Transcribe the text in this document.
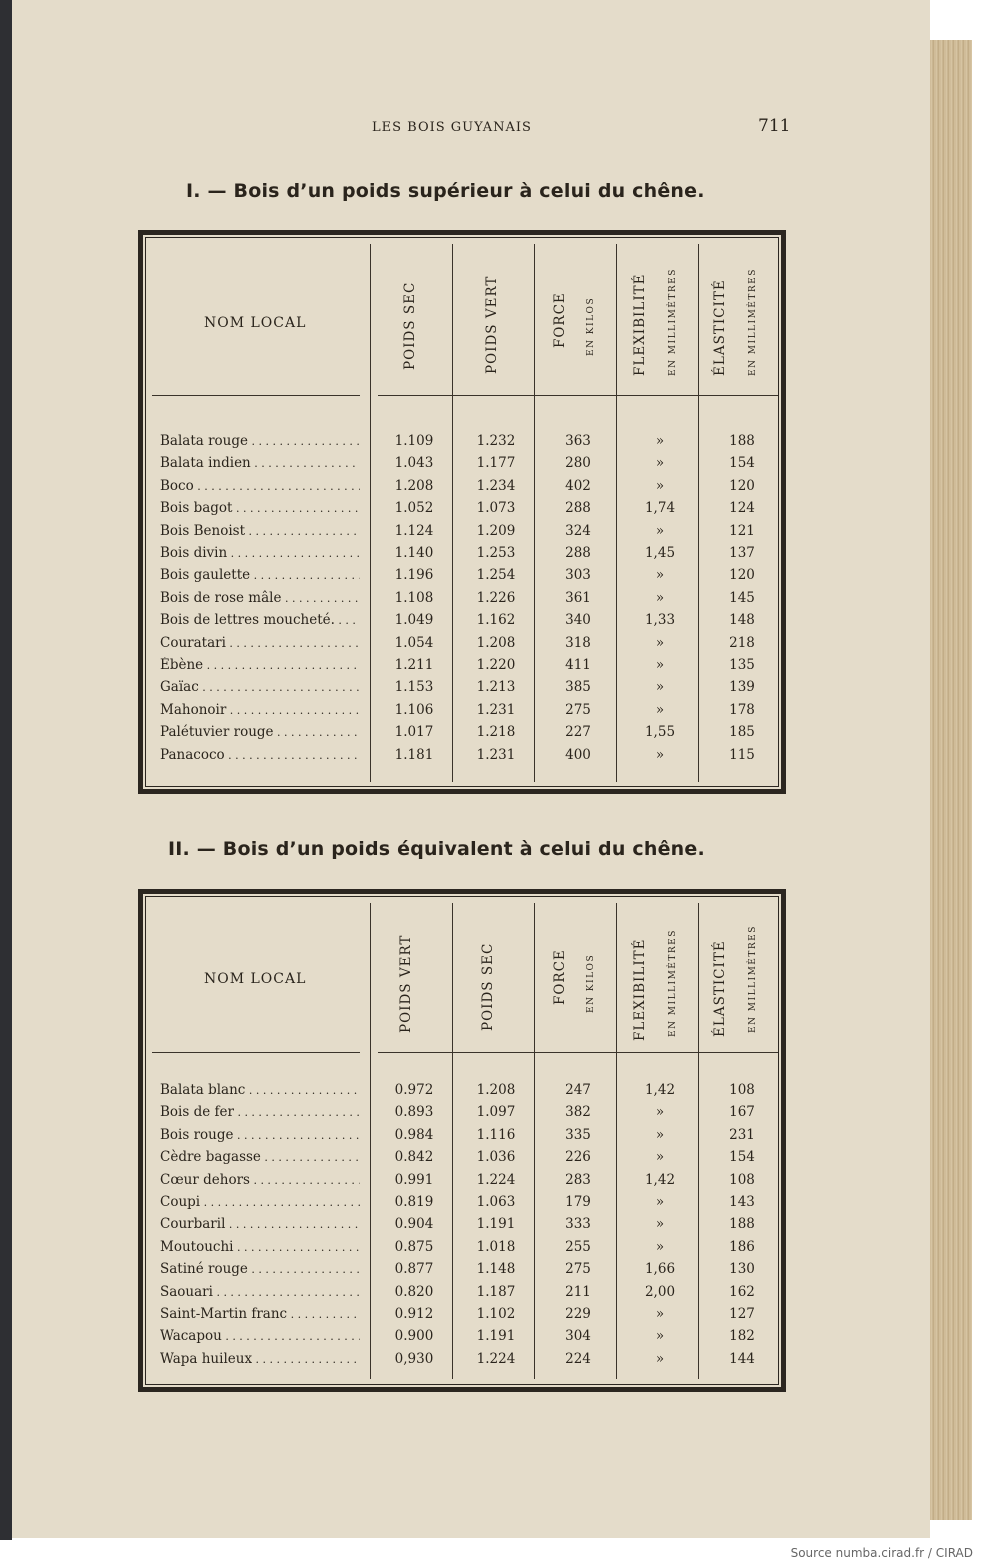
LES BOIS GUYANAIS	711
I. — Bois d’un poids supérieur à celui du chêne.
NOM LOCAL	POIDS SEC	POIDS VERT	FORCE EN KILOS	FLEXIBILITÉ EN MILLIMÈTRES	ÉLASTICITÉ EN MILLIMÈTRES
Balata rouge . . .	1.109	1.232	363	»	188
Balata indien . . .	1.043	1.177	280	»	154
Boco . . .	1.208	1.234	402	»	120
Bois bagot . . .	1.052	1.073	288	1,74	124
Bois Benoist . . .	1.124	1.209	324	»	121
Bois divin . . .	1.140	1.253	288	1,45	137
Bois gaulette . . .	1.196	1.254	303	»	120
Bois de rose mâle . . .	1.108	1.226	361	»	145
Bois de lettres moucheté. . . .	1.049	1.162	340	1,33	148
Couratari . . .	1.054	1.208	318	»	218
Ébène . . .	1.211	1.220	411	»	135
Gaïac . . .	1.153	1.213	385	»	139
Mahonoir . . .	1.106	1.231	275	»	178
Palétuvier rouge . . .	1.017	1.218	227	1,55	185
Panacoco . . .	1.181	1.231	400	»	115
II. — Bois d’un poids équivalent à celui du chêne.
NOM LOCAL	POIDS VERT	POIDS SEC	FORCE EN KILOS	FLEXIBILITÉ EN MILLIMÈTRES	ÉLASTICITÉ EN MILLIMÈTRES
Balata blanc . . .	0.972	1.208	247	1,42	108
Bois de fer . . .	0.893	1.097	382	»	167
Bois rouge . . .	0.984	1.116	335	»	231
Cèdre bagasse . . .	0.842	1.036	226	»	154
Cœur dehors . . .	0.991	1.224	283	1,42	108
Coupi . . .	0.819	1.063	179	»	143
Courbaril . . .	0.904	1.191	333	»	188
Moutouchi . . .	0.875	1.018	255	»	186
Satiné rouge . . .	0.877	1.148	275	1,66	130
Saouari . . .	0.820	1.187	211	2,00	162
Saint-Martin franc . . .	0.912	1.102	229	»	127
Wacapou . . .	0.900	1.191	304	»	182
Wapa huileux . . .	0,930	1.224	224	»	144
Source numba.cirad.fr / CIRAD
